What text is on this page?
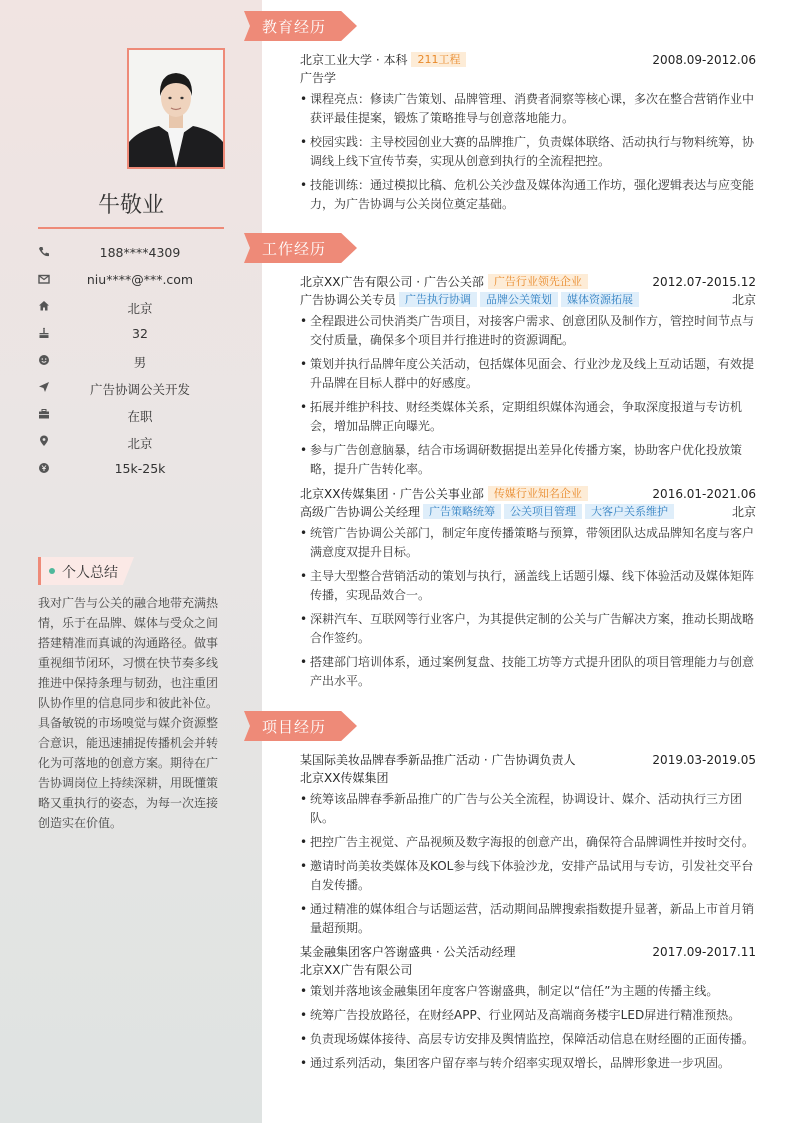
牛敬业
188****4309
niu****@***.com
北京
32
男
广告协调公关开发
在职
北京
15k-25k
个人总结
我对广告与公关的融合地带充满热情，乐于在品牌、媒体与受众之间搭建精准而真诚的沟通路径。做事重视细节闭环，习惯在快节奏多线推进中保持条理与韧劲，也注重团队协作里的信息同步和彼此补位。具备敏锐的市场嗅觉与媒介资源整合意识，能迅速捕捉传播机会并转化为可落地的创意方案。期待在广告协调岗位上持续深耕，用既懂策略又重执行的姿态，为每一次连接创造实在价值。
教育经历
北京工业大学 · 本科 211工程	2008.09-2012.06
广告学
• 课程亮点：修读广告策划、品牌管理、消费者洞察等核心课，多次在整合营销作业中获评最佳提案，锻炼了策略推导与创意落地能力。
• 校园实践：主导校园创业大赛的品牌推广，负责媒体联络、活动执行与物料统筹，协调线上线下宣传节奏，实现从创意到执行的全流程把控。
• 技能训练：通过模拟比稿、危机公关沙盘及媒体沟通工作坊，强化逻辑表达与应变能力，为广告协调与公关岗位奠定基础。
工作经历
北京XX广告有限公司 · 广告公关部 广告行业领先企业	2012.07-2015.12
广告协调公关专员 广告执行协调 品牌公关策划 媒体资源拓展	北京
• 全程跟进公司快消类广告项目，对接客户需求、创意团队及制作方，管控时间节点与交付质量，确保多个项目并行推进时的资源调配。
• 策划并执行品牌年度公关活动，包括媒体见面会、行业沙龙及线上互动话题，有效提升品牌在目标人群中的好感度。
• 拓展并维护科技、财经类媒体关系，定期组织媒体沟通会，争取深度报道与专访机会，增加品牌正向曝光。
• 参与广告创意脑暴，结合市场调研数据提出差异化传播方案，协助客户优化投放策略，提升广告转化率。
北京XX传媒集团 · 广告公关事业部 传媒行业知名企业	2016.01-2021.06
高级广告协调公关经理 广告策略统筹 公关项目管理 大客户关系维护	北京
• 统管广告协调公关部门，制定年度传播策略与预算，带领团队达成品牌知名度与客户满意度双提升目标。
• 主导大型整合营销活动的策划与执行，涵盖线上话题引爆、线下体验活动及媒体矩阵传播，实现品效合一。
• 深耕汽车、互联网等行业客户，为其提供定制的公关与广告解决方案，推动长期战略合作签约。
• 搭建部门培训体系，通过案例复盘、技能工坊等方式提升团队的项目管理能力与创意产出水平。
项目经历
某国际美妆品牌春季新品推广活动 · 广告协调负责人	2019.03-2019.05
北京XX传媒集团
• 统筹该品牌春季新品推广的广告与公关全流程，协调设计、媒介、活动执行三方团队。
• 把控广告主视觉、产品视频及数字海报的创意产出，确保符合品牌调性并按时交付。
• 邀请时尚美妆类媒体及KOL参与线下体验沙龙，安排产品试用与专访，引发社交平台自发传播。
• 通过精准的媒体组合与话题运营，活动期间品牌搜索指数提升显著，新品上市首月销量超预期。
某金融集团客户答谢盛典 · 公关活动经理	2017.09-2017.11
北京XX广告有限公司
• 策划并落地该金融集团年度客户答谢盛典，制定以“信任”为主题的传播主线。
• 统筹广告投放路径，在财经APP、行业网站及高端商务楼宇LED屏进行精准预热。
• 负责现场媒体接待、高层专访安排及舆情监控，保障活动信息在财经圈的正面传播。
• 通过系列活动，集团客户留存率与转介绍率实现双增长，品牌形象进一步巩固。
